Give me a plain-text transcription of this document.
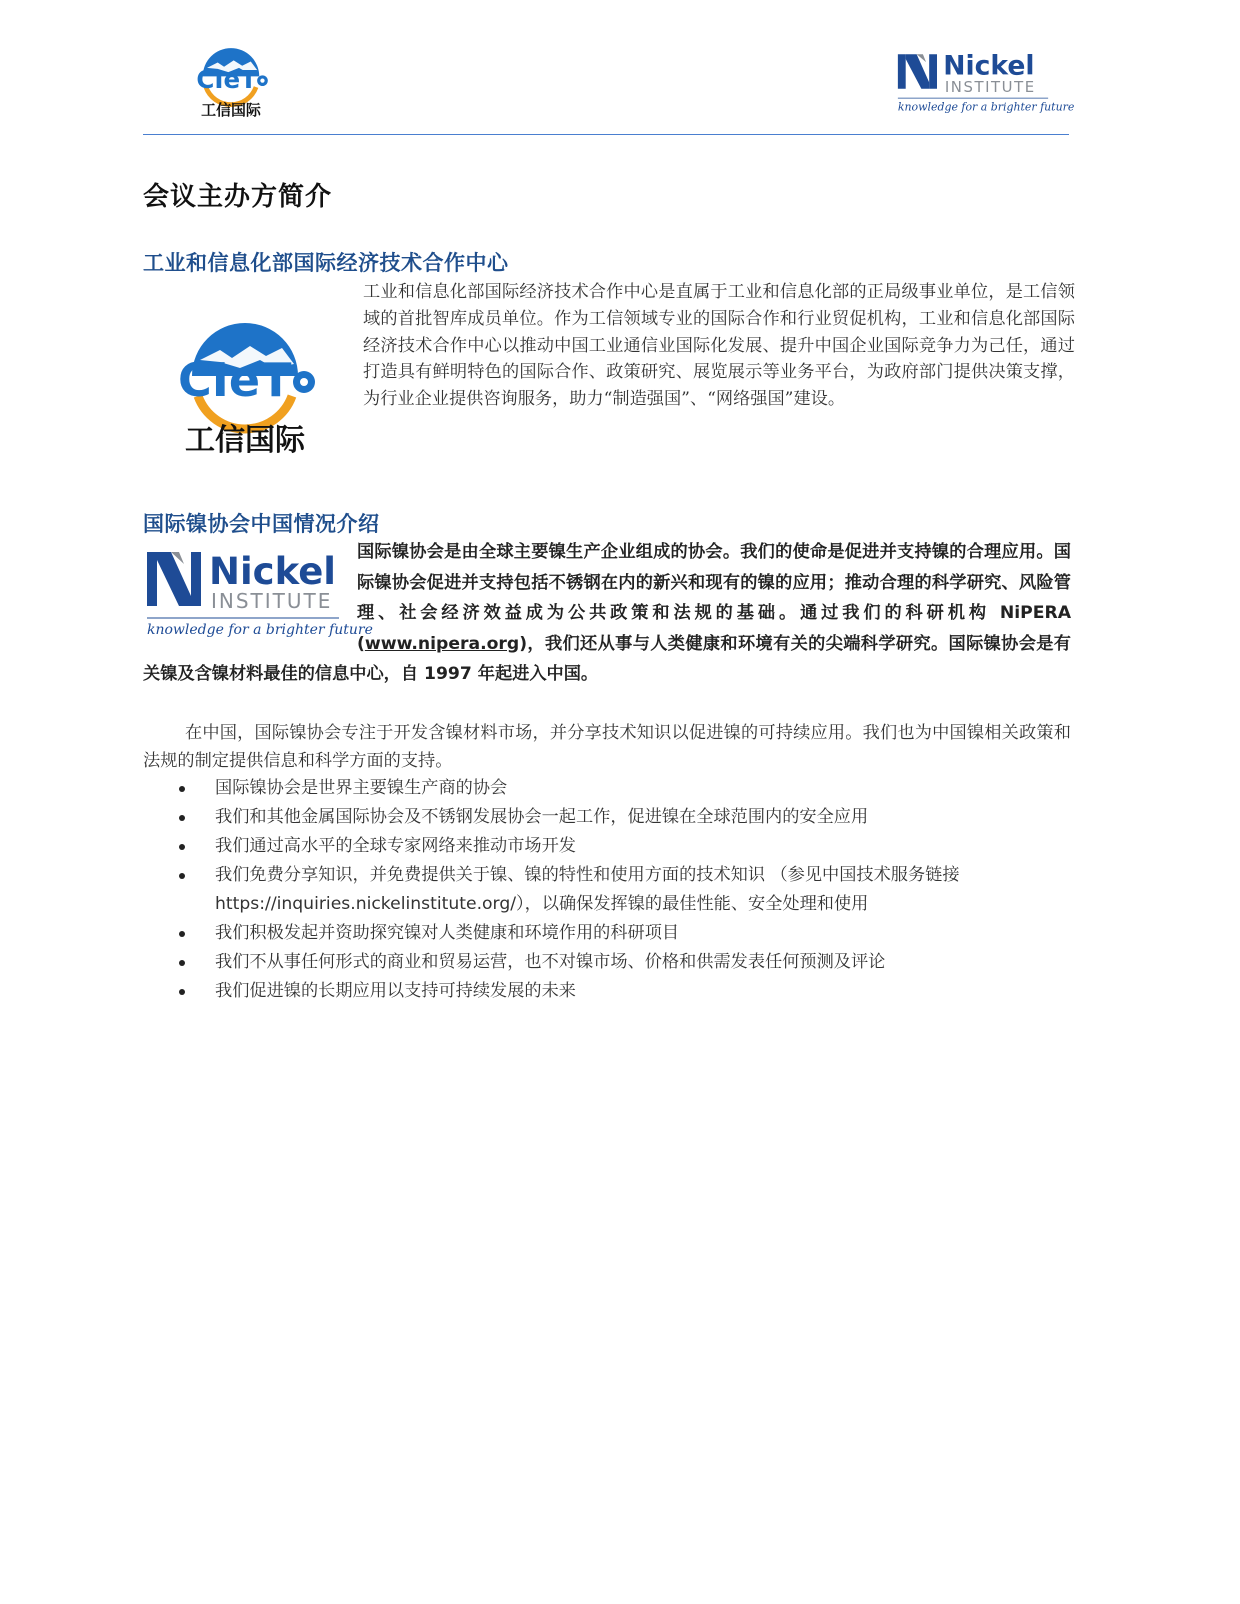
CIeT
工信国际
Nickel
INSTITUTE
knowledge for a brighter future
会议主办方简介
工业和信息化部国际经济技术合作中心
CIeT
工信国际

工业和信息化部国际经济技术合作中心是直属于工业和信息化部的正局级事业单位，是工信领域的首批智库成员单位。作为工信领域专业的国际合作和行业贸促机构，工业和信息化部国际经济技术合作中心以推动中国工业通信业国际化发展、提升中国企业国际竞争力为己任，通过打造具有鲜明特色的国际合作、政策研究、展览展示等业务平台，为政府部门提供决策支撑，为行业企业提供咨询服务，助力“制造强国”、“网络强国”建设。

国际镍协会中国情况介绍

国际镍协会是由全球主要镍生产企业组成的协会。我们的使命是促进并支持镍的合理应用。国际镍协会促进并支持包括不锈钢在内的新兴和现有的镍的应用；推动合理的科学研究、风险管理、社会经济效益成为公共政策和法规的基础。通过我们的科研机构 NiPERA (www.nipera.org)，我们还从事与人类健康和环境有关的尖端科学研究。国际镍协会是有关镍及含镍材料最佳的信息中心，自 1997 年起进入中国。

Nickel
INSTITUTE
knowledge for a brighter future

在中国，国际镍协会专注于开发含镍材料市场，并分享技术知识以促进镍的可持续应用。我们也为中国镍相关政策和法规的制定提供信息和科学方面的支持。

国际镍协会是世界主要镍生产商的协会
我们和其他金属国际协会及不锈钢发展协会一起工作，促进镍在全球范围内的安全应用
我们通过高水平的全球专家网络来推动市场开发
我们免费分享知识，并免费提供关于镍、镍的特性和使用方面的技术知识 （参见中国技术服务链接 https://inquiries.nickelinstitute.org/），以确保发挥镍的最佳性能、安全处理和使用
我们积极发起并资助探究镍对人类健康和环境作用的科研项目
我们不从事任何形式的商业和贸易运营，也不对镍市场、价格和供需发表任何预测及评论
我们促进镍的长期应用以支持可持续发展的未来
